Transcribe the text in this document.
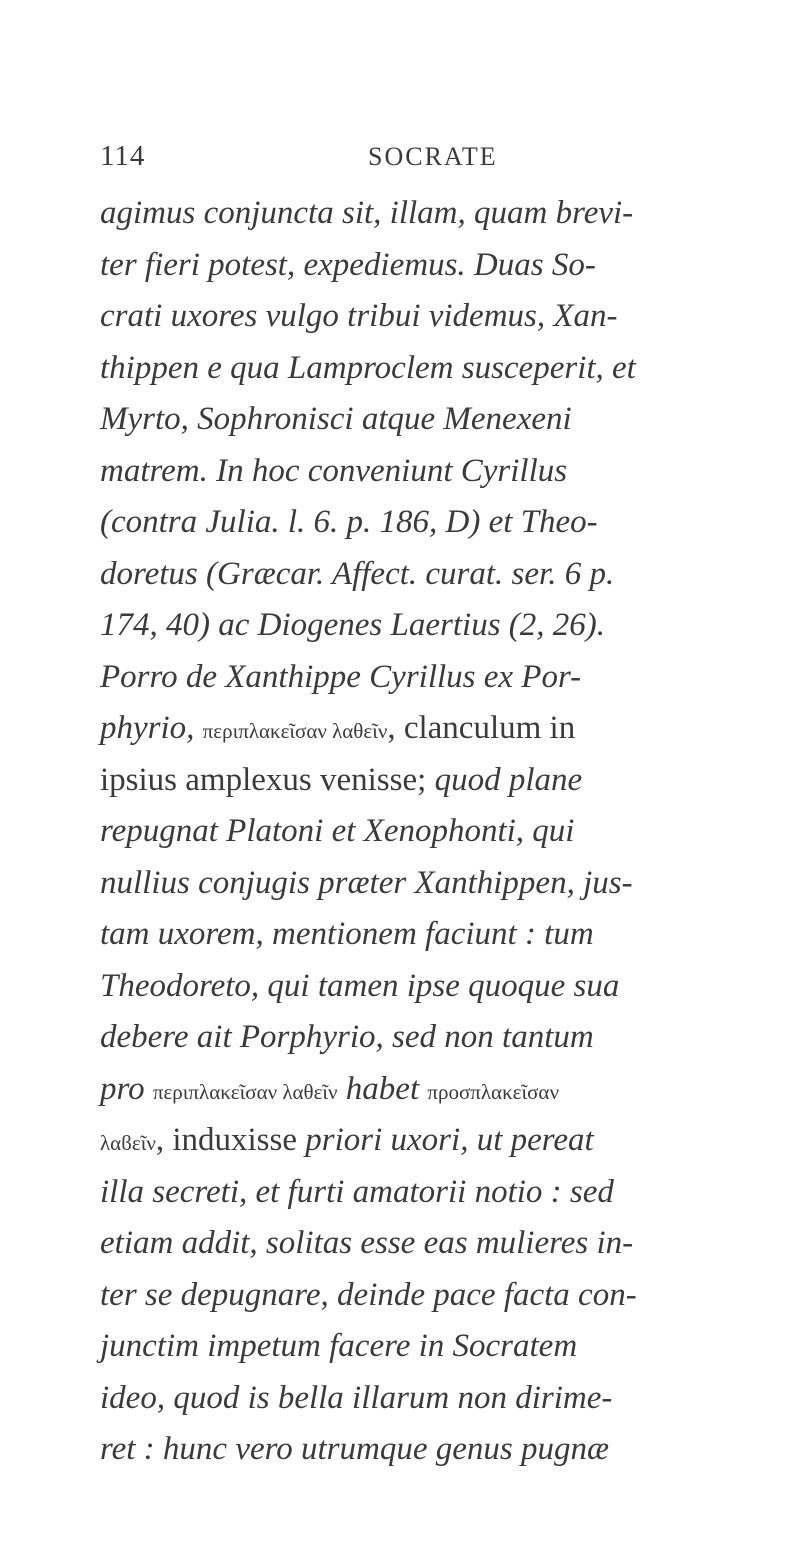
114	SOCRATE
agimus conjuncta sit, illam, quam brevi-
ter fieri potest, expediemus. Duas So-
crati uxores vulgo tribui videmus, Xan-
thippen e qua Lamproclem susceperit, et
Myrto, Sophronisci atque Menexeni
matrem. In hoc conveniunt Cyrillus
(contra Julia. l. 6. p. 186, D) et Theo-
doretus (Græcar. Affect. curat. ser. 6 p.
174, 40) ac Diogenes Laertius (2, 26).
Porro de Xanthippe Cyrillus ex Por-
phyrio, περιπλακεῖσαν λαθεῖν, clanculum in
ipsius amplexus venisse; quod plane
repugnat Platoni et Xenophonti, qui
nullius conjugis præter Xanthippen, jus-
tam uxorem, mentionem faciunt : tum
Theodoreto, qui tamen ipse quoque sua
debere ait Porphyrio, sed non tantum
pro περιπλακεῖσαν λαθεῖν habet προσπλακεῖσαν
λαϐεῖν, induxisse priori uxori, ut pereat
illa secreti, et furti amatorii notio : sed
etiam addit, solitas esse eas mulieres in-
ter se depugnare, deinde pace facta con-
junctim impetum facere in Socratem
ideo, quod is bella illarum non dirime-
ret : hunc vero utrumque genus pugnæ
